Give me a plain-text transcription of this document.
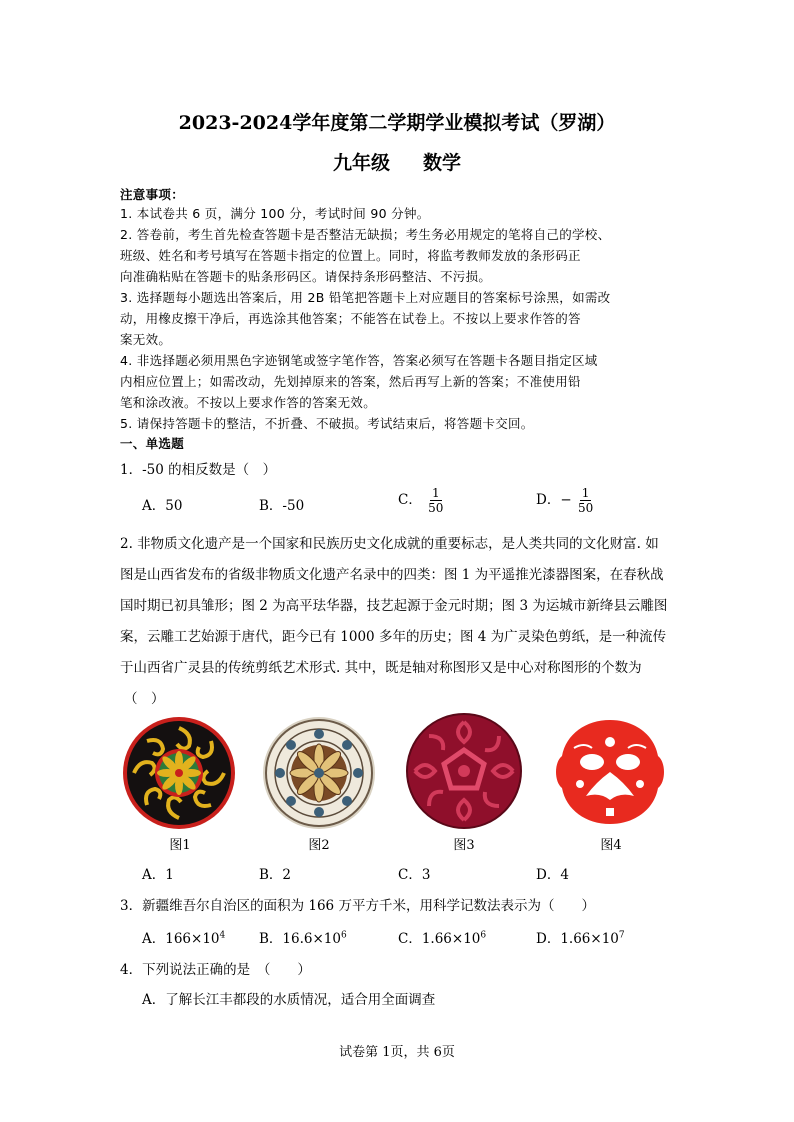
2023-2024学年度第二学期学业模拟考试（罗湖）
九年级     数学
注意事项：
1. 本试卷共 6 页，满分 100 分，考试时间 90 分钟。
2. 答卷前，考生首先检查答题卡是否整洁无缺损；考生务必用规定的笔将自己的学校、
班级、姓名和考号填写在答题卡指定的位置上。同时，将监考教师发放的条形码正
向准确粘贴在答题卡的贴条形码区。请保持条形码整洁、不污损。
3. 选择题每小题选出答案后，用 2B 铅笔把答题卡上对应题目的答案标号涂黑，如需改
动，用橡皮擦干净后，再选涂其他答案；不能答在试卷上。不按以上要求作答的答
案无效。
4. 非选择题必须用黑色字迹钢笔或签字笔作答，答案必须写在答题卡各题目指定区域
内相应位置上；如需改动，先划掉原来的答案，然后再写上新的答案；不准使用铅
笔和涂改液。不按以上要求作答的答案无效。
5. 请保持答题卡的整洁，不折叠、不破损。考试结束后，将答题卡交回。
一、单选题
1．-50 的相反数是（　）
A．50	B．-50	C． $\frac{1}{50}$	D．− $\frac{1}{50}$
2. 非物质文化遗产是一个国家和民族历史文化成就的重要标志，是人类共同的文化财富. 如
图是山西省发布的省级非物质文化遗产名录中的四类：图 1 为平遥推光漆器图案，在春秋战
国时期已初具雏形；图 2 为高平珐华器，技艺起源于金元时期；图 3 为运城市新绛县云雕图
案，云雕工艺始源于唐代，距今已有 1000 多年的历史；图 4 为广灵染色剪纸，是一种流传
于山西省广灵县的传统剪纸艺术形式. 其中，既是轴对称图形又是中心对称图形的个数为
（　）
图1	图2	图3	图4
A．1	B．2	C．3	D．4
3．新疆维吾尔自治区的面积为 166 万平方千米，用科学记数法表示为（　　）
A．$166\times 10^4$	B．$16.6\times 10^6$	C．$1.66\times 10^6$	D．$1.66\times 10^7$
4．下列说法正确的是　（　　）
A．了解长江丰都段的水质情况，适合用全面调查
试卷第 1页，共 6页
